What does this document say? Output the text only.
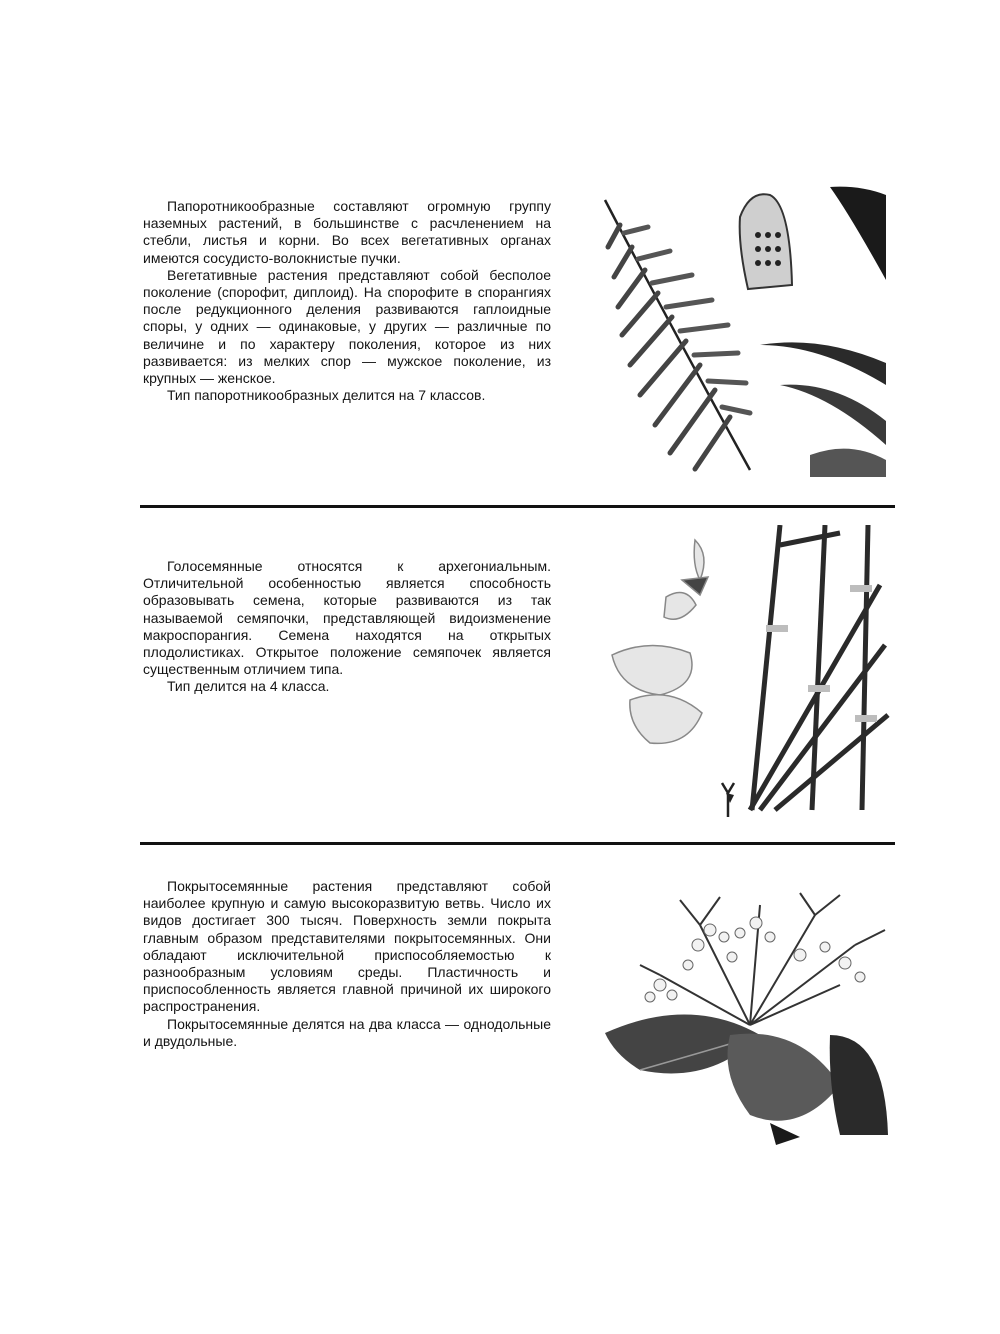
Папоротникообразные составляют огромную группу наземных растений, в большинстве с расчленением на стебли, листья и корни. Во всех вегетативных органах имеются сосудисто-волокнистые пучки.

Вегетативные растения представляют собой бесполое поколение (спорофит, диплоид). На спорофите в спорангиях после редукционного деления развиваются гаплоидные споры, у одних — одинаковые, у других — различные по величине и по характеру поколения, которое из них развивается: из мелких спор — мужское поколение, из крупных — женское.

Тип папоротникообразных делится на 7 классов.

Голосемянные относятся к архегониальным. Отличительной особенностью является способность образовывать семена, которые развиваются из так называемой семяпочки, представляющей видоизменение макроспорангия. Семена находятся на открытых плодолистиках. Открытое положение семяпочек является существенным отличием типа.

Тип делится на 4 класса.

Покрытосемянные растения представляют собой наиболее крупную и самую высокоразвитую ветвь. Число их видов достигает 300 тысяч. Поверхность земли покрыта главным образом представителями покрытосемянных. Они обладают исключительной приспособляемостью к разнообразным условиям среды. Пластичность и приспособленность является главной причиной их широкого распространения.

Покрытосемянные делятся на два класса — однодольные и двудольные.
